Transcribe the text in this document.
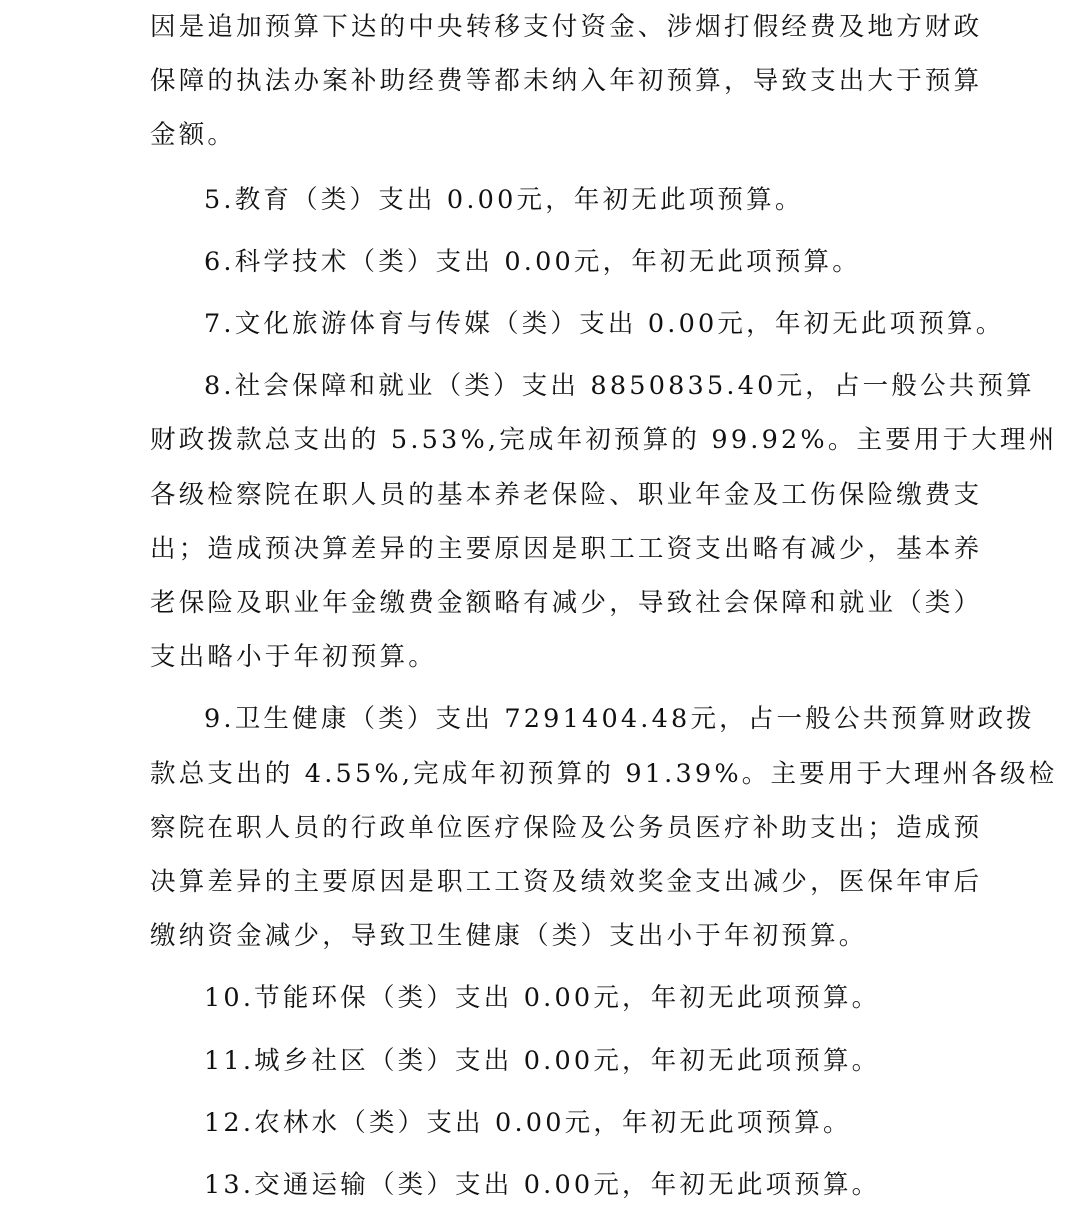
因是追加预算下达的中央转移支付资金、涉烟打假经费及地方财政
保障的执法办案补助经费等都未纳入年初预算，导致支出大于预算
金额。

5.教育（类）支出 0.00元，年初无此项预算。

6.科学技术（类）支出 0.00元，年初无此项预算。

7.文化旅游体育与传媒（类）支出 0.00元，年初无此项预算。

8.社会保障和就业（类）支出 8850835.40元，占一般公共预算
财政拨款总支出的 5.53%,完成年初预算的 99.92%。主要用于大理州
各级检察院在职人员的基本养老保险、职业年金及工伤保险缴费支
出；造成预决算差异的主要原因是职工工资支出略有减少，基本养
老保险及职业年金缴费金额略有减少，导致社会保障和就业（类）
支出略小于年初预算。

9.卫生健康（类）支出 7291404.48元，占一般公共预算财政拨
款总支出的 4.55%,完成年初预算的 91.39%。主要用于大理州各级检
察院在职人员的行政单位医疗保险及公务员医疗补助支出；造成预
决算差异的主要原因是职工工资及绩效奖金支出减少，医保年审后
缴纳资金减少，导致卫生健康（类）支出小于年初预算。

10.节能环保（类）支出 0.00元，年初无此项预算。

11.城乡社区（类）支出 0.00元，年初无此项预算。

12.农林水（类）支出 0.00元，年初无此项预算。

13.交通运输（类）支出 0.00元，年初无此项预算。
